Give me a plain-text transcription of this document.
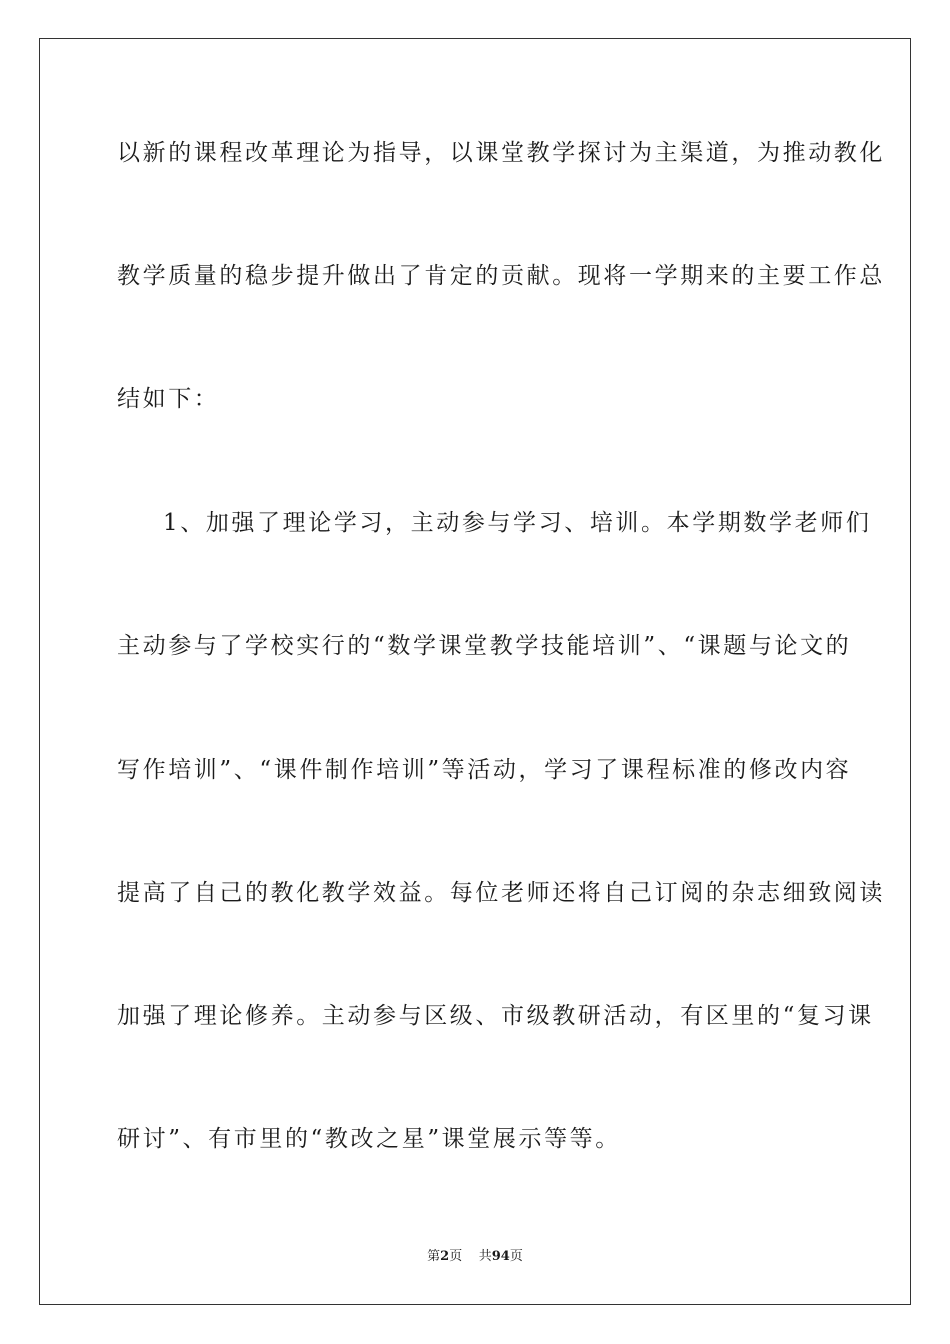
以新的课程改革理论为指导，以课堂教学探讨为主渠道，为推动教化
教学质量的稳步提升做出了肯定的贡献。现将一学期来的主要工作总
结如下：
1、加强了理论学习，主动参与学习、培训。本学期数学老师们
主动参与了学校实行的“数学课堂教学技能培训”、“课题与论文的
写作培训”、“课件制作培训”等活动，学习了课程标准的修改内容
提高了自己的教化教学效益。每位老师还将自己订阅的杂志细致阅读
加强了理论修养。主动参与区级、市级教研活动，有区里的“复习课
研讨”、有市里的“教改之星”课堂展示等等。
第2页 共94页
